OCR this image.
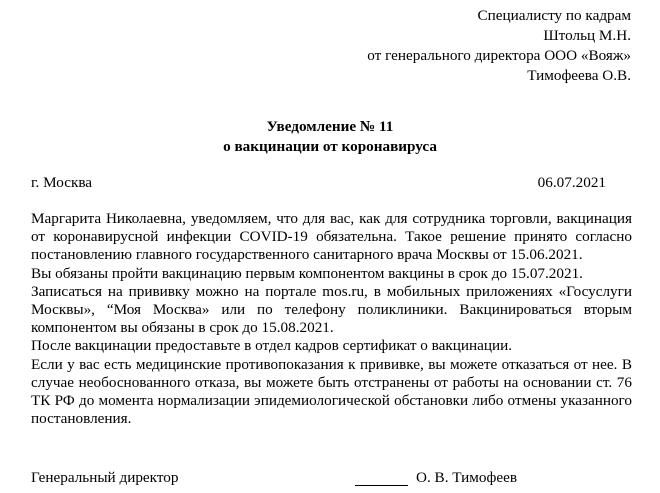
Специалисту по кадрам
Штольц М.Н.
от генерального директора ООО «Вояж»
Тимофеева О.В.
Уведомление № 11
о вакцинации от коронавируса
г. Москва	06.07.2021

Маргарита Николаевна, уведомляем, что для вас, как для сотрудника торговли, вакцинация от коронавирусной инфекции COVID-19 обязательна. Такое решение принято согласно постановлению главного государственного санитарного врача Москвы от 15.06.2021.

Вы обязаны пройти вакцинацию первым компонентом вакцины в срок до 15.07.2021.

Записаться на прививку можно на портале mos.ru, в мобильных приложениях «Госуслуги Москвы», “Моя Москва» или по телефону поликлиники. Вакцинироваться вторым компонентом вы обязаны в срок до 15.08.2021.

После вакцинации предоставьте в отдел кадров сертификат о вакцинации.

Если у вас есть медицинские противопоказания к прививке, вы можете отказаться от нее. В случае необоснованного отказа, вы можете быть отстранены от работы на основании ст. 76 ТК РФ до момента нормализации эпидемиологической обстановки либо отмены указанного постановления.

Генеральный директор	О. В. Тимофеев
